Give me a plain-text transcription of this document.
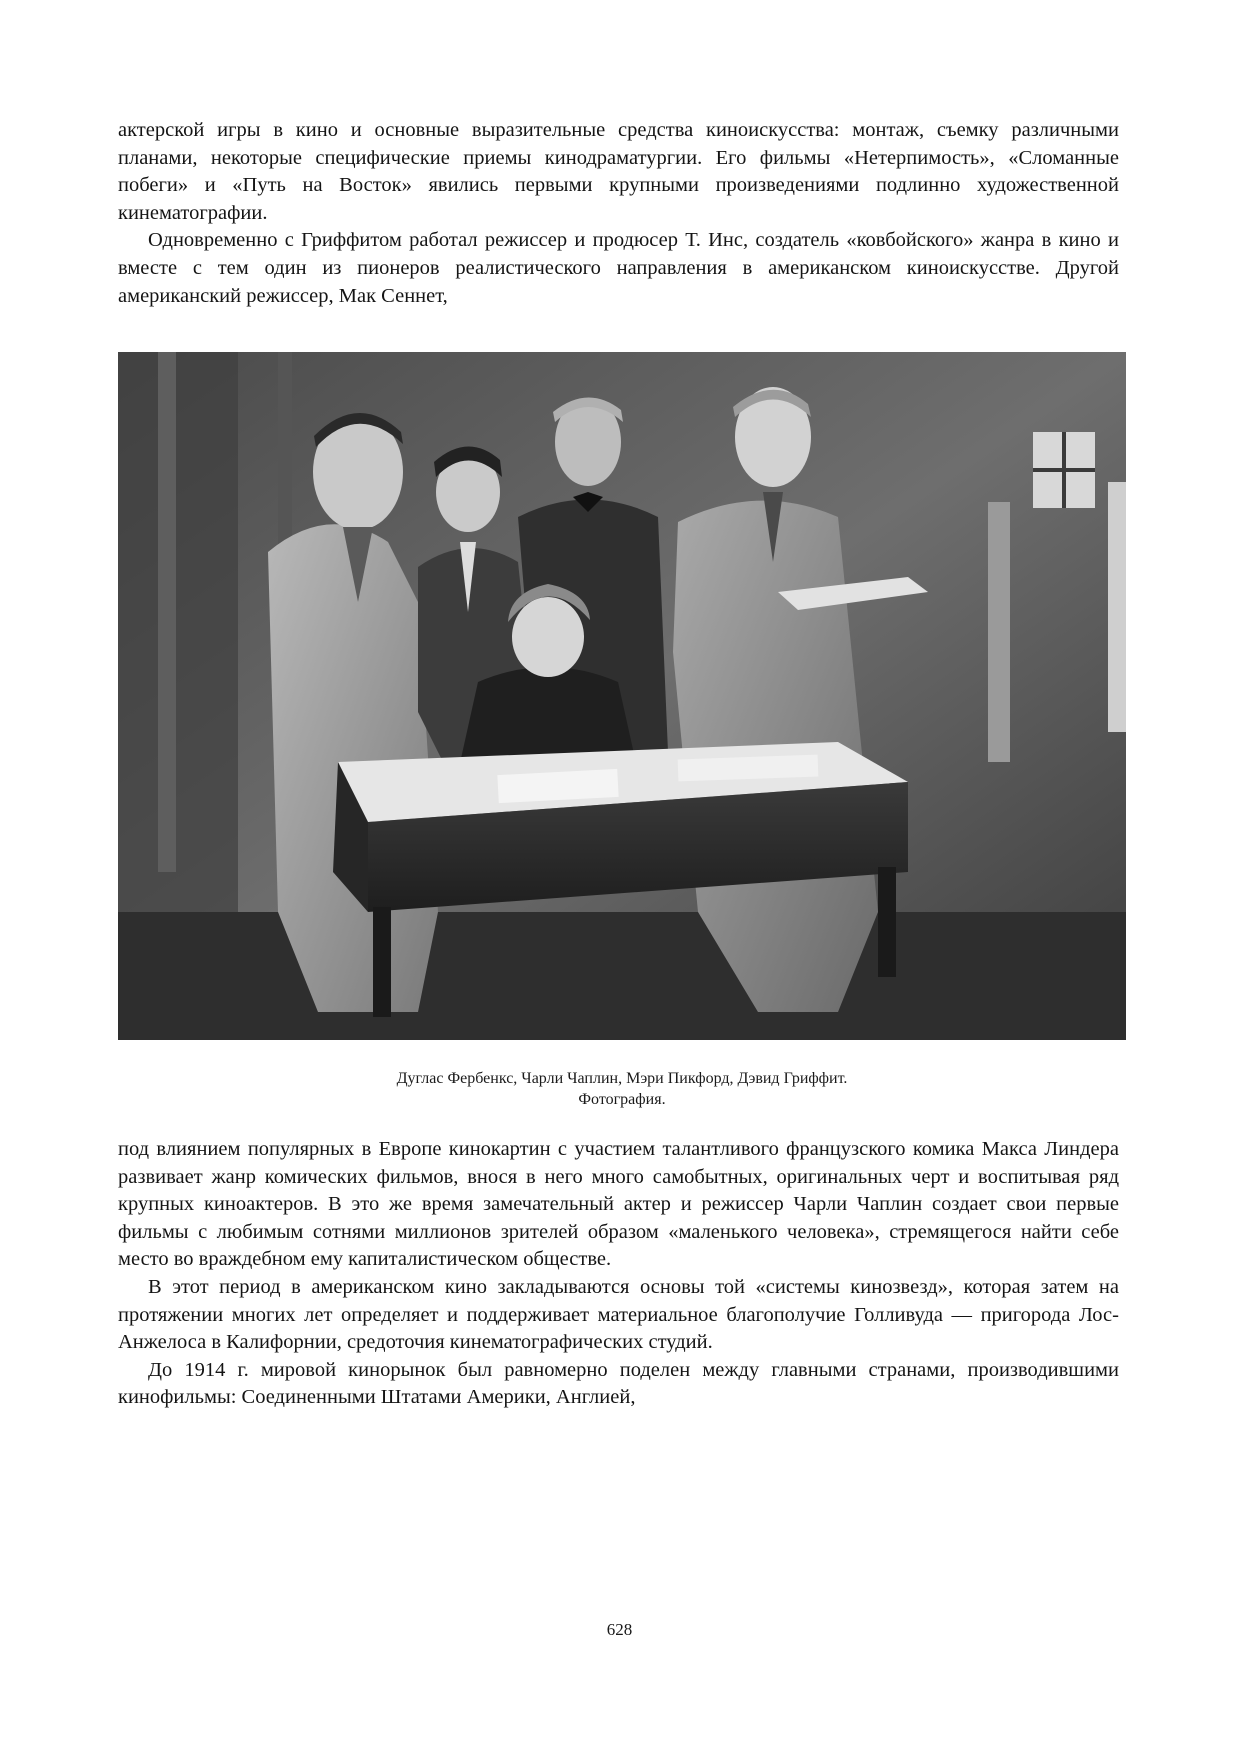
актерской игры в кино и основные выразительные средства киноискусства: монтаж, съемку различными планами, некоторые специфические приемы кинодраматургии. Его фильмы «Нетерпимость», «Сломанные побеги» и «Путь на Восток» явились первыми крупными произведениями подлинно художественной кинематографии.

Одновременно с Гриффитом работал режиссер и продюсер Т. Инс, создатель «ковбойского» жанра в кино и вместе с тем один из пионеров реалистического направления в американском киноискусстве. Другой американский режиссер, Мак Сеннет,

Дуглас Фербенкс, Чарли Чаплин, Мэри Пикфорд, Дэвид Гриффит.
Фотография.

под влиянием популярных в Европе кинокартин с участием талантливого французского комика Макса Линдера развивает жанр комических фильмов, внося в него много самобытных, оригинальных черт и воспитывая ряд крупных киноактеров. В это же время замечательный актер и режиссер Чарли Чаплин создает свои первые фильмы с любимым сотнями миллионов зрителей образом «маленького человека», стремящегося найти себе место во враждебном ему капиталистическом обществе.

В этот период в американском кино закладываются основы той «системы кинозвезд», которая затем на протяжении многих лет определяет и поддерживает материальное благополучие Голливуда — пригорода Лос-Анжелоса в Калифорнии, средоточия кинематографических студий.

До 1914 г. мировой кинорынок был равномерно поделен между главными странами, производившими кинофильмы: Соединенными Штатами Америки, Англией,

628
